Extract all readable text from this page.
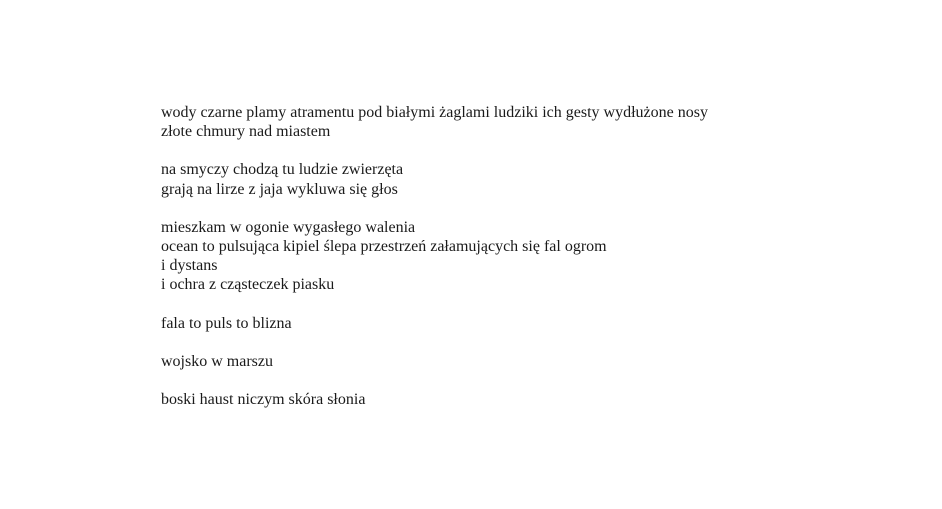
wody czarne plamy atramentu pod białymi żaglami ludziki ich gesty wydłużone nosy
złote chmury nad miastem
na smyczy chodzą tu ludzie zwierzęta
grają na lirze z jaja wykluwa się głos
mieszkam w ogonie wygasłego walenia
ocean to pulsująca kipiel ślepa przestrzeń załamujących się fal ogrom
i dystans
i ochra z cząsteczek piasku
fala to puls to blizna
wojsko w marszu
boski haust niczym skóra słonia
